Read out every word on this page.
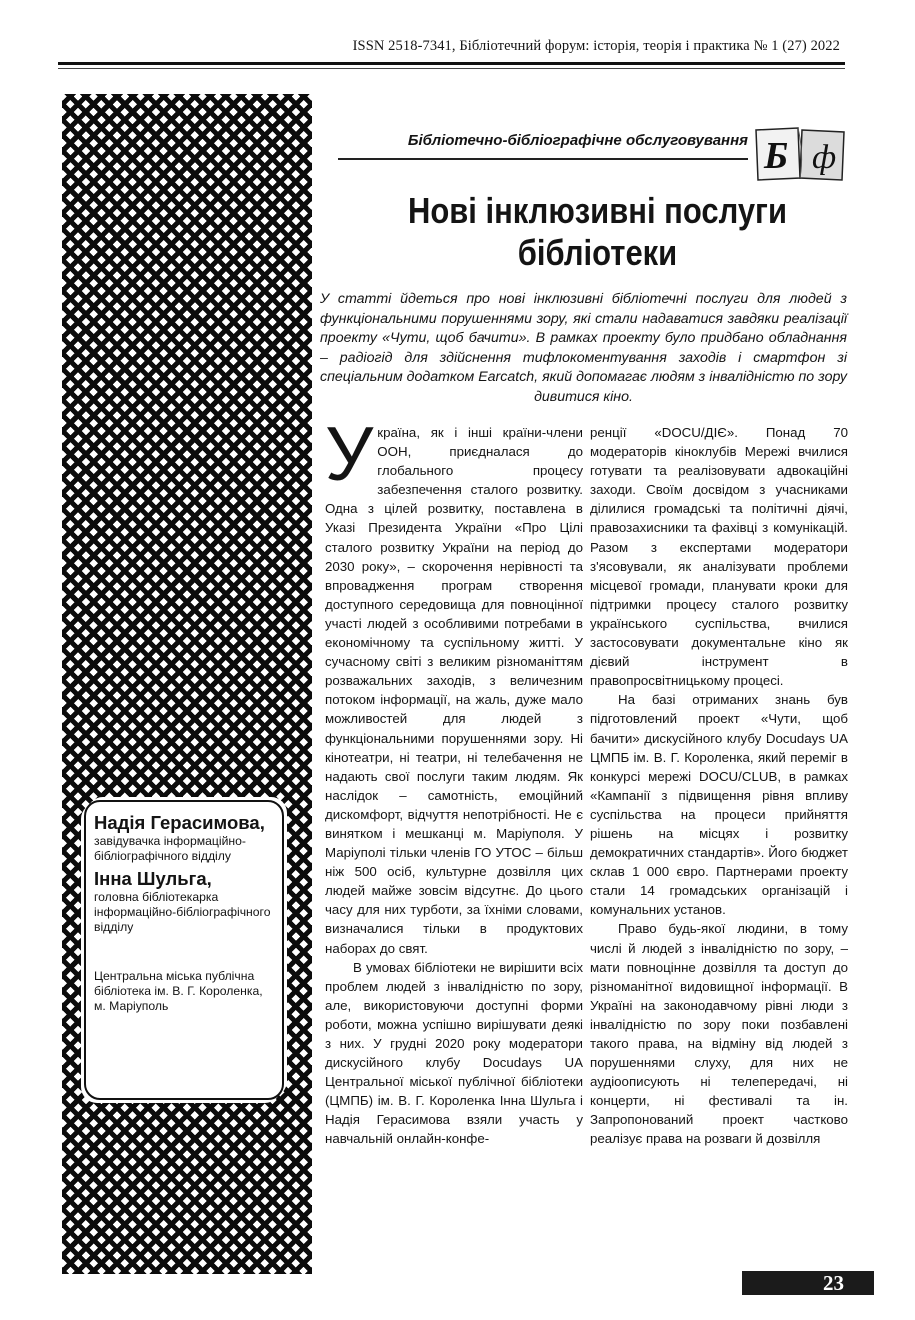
ISSN 2518-7341, Бібліотечний форум: історія, теорія і практика № 1 (27) 2022

Надія Герасимова,

завідувачка інформаційно-бібліографічного відділу

Інна Шульга,

головна бібліотекарка інформаційно-бібліографічного відділу

Центральна міська публічна бібліотека ім. В. Г. Короленка, м. Маріуполь
Бібліотечно-бібліографічне обслуговування Б ф
Нові інклюзивні послуги
бібліотеки
У статті йдеться про нові інклюзивні бібліотечні послуги для людей з функціональними порушеннями зору, які стали надаватися завдяки реалізації проекту «Чути, щоб бачити». В рамках проекту було придбано обладнання – радіогід для здійснення тифлокоментування заходів і смартфон зі спеціальним додатком Earcatch, який допомагає людям з інвалідністю по зору дивитися кіно.

У країна, як і інші країни-члени ООН, приєдналася до глобального процесу забезпечення сталого розвитку. Одна з цілей розвитку, поставлена в Указі Президента України «Про Цілі сталого розвитку України на період до 2030 року», – скорочення нерівності та впровадження програм створення доступного середовища для повноцінної участі людей з особливими потребами в економічному та суспільному житті. У сучасному світі з великим різноманіттям розважальних заходів, з величезним потоком інформації, на жаль, дуже мало можливостей для людей з функціональними порушеннями зору. Ні кінотеатри, ні театри, ні телебачення не надають свої послуги таким людям. Як наслідок – самотність, емоційний дискомфорт, відчуття непотрібності. Не є винятком і мешканці м. Маріуполя. У Маріуполі тільки членів ГО УТОС – більш ніж 500 осіб, культурне дозвілля цих людей майже зовсім відсутнє. До цього часу для них турботи, за їхніми словами, визначалися тільки в продуктових наборах до свят.

В умовах бібліотеки не вирішити всіх проблем людей з інвалідністю по зору, але, використовуючи доступні форми роботи, можна успішно вирішувати деякі з них. У грудні 2020 року модератори дискусійного клубу Docudays UA Центральної міської публічної бібліотеки (ЦМПБ) ім. В. Г. Короленка Інна Шульга і Надія Герасимова взяли участь у навчальній онлайн-конфе-

ренції «DOCU/ДІЄ». Понад 70 модераторів кіноклубів Мережі вчилися готувати та реалізовувати адвокаційні заходи. Своїм досвідом з учасниками ділилися громадські та політичні діячі, правозахисники та фахівці з комунікацій. Разом з експертами модератори з'ясовували, як аналізувати проблеми місцевої громади, планувати кроки для підтримки процесу сталого розвитку українського суспільства, вчилися застосовувати документальне кіно як дієвий інструмент в правопросвітницькому процесі.

На базі отриманих знань був підготовлений проект «Чути, щоб бачити» дискусійного клубу Docudays UA ЦМПБ ім. В. Г. Короленка, який переміг в конкурсі мережі DOCU/CLUB, в рамках «Кампанії з підвищення рівня впливу суспільства на процеси прийняття рішень на місцях і розвитку демократичних стандартів». Його бюджет склав 1 000 євро. Партнерами проекту стали 14 громадських організацій і комунальних установ.

Право будь-якої людини, в тому числі й людей з інвалідністю по зору, – мати повноцінне дозвілля та доступ до різноманітної видовищної інформації. В Україні на законодавчому рівні люди з інвалідністю по зору поки позбавлені такого права, на відміну від людей з порушеннями слуху, для них не аудіоописують ні телепередачі, ні концерти, ні фестивалі та ін. Запропонований проект частково реалізує права на розваги й дозвілля

23
